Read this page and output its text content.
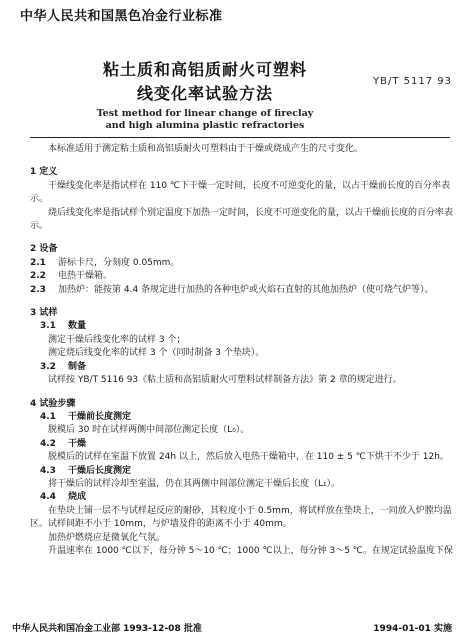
中华人民共和国黑色冶金行业标准
粘土质和高铝质耐火可塑料
线变化率试验方法
YB/T 5117 93
Test method for linear change of fireclay
and high alumina plastic refractories

本标准适用于测定粘土质和高铝质耐火可塑料由于干燥或烧成产生的尺寸变化。

1 定义

干燥线变化率是指试样在 110 ℃下干燥一定时间，长度不可逆变化的量，以占干燥前长度的百分率表示。

烧后线变化率是指试样个别定温度下加热一定时间，长度不可逆变化的量，以占干燥前长度的百分率表示。

2 设备
2.1 游标卡尺，分刻度 0.05mm。
2.2 电热干燥箱。
2.3 加热炉：能按第 4.4 条规定进行加热的各种电炉或火焰石直射的其他加热炉（使可烧气炉等）。
3 试样
3.1 数量

测定干燥后线变化率的试样 3 个；

测定烧后线变化率的试样 3 个（同时制备 3 个垫块）。

3.2 制备

试样按 YB/T 5116 93《粘土质和高铝质耐火可塑料试样制备方法》第 2 章的规定进行。

4 试验步骤
4.1 干燥前长度测定

脱模后 30 时在试样两侧中间部位测定长度（L₀）。

4.2 干燥

脱模后的试样在室温下放置 24h 以上，然后放入电热干燥箱中，在 110 ± 5 ℃下烘干不少于 12h。

4.3 干燥后长度测定

将干燥后的试样冷却至室温，仍在其两侧中间部位测定干燥后长度（L₁）。

4.4 烧成

在垫块上铺一层不与试样起反应的耐砂，其粒度小于 0.5mm，将试样放在垫块上，一同放入炉膛均温区。试样间距不小于 10mm，与炉墙及件的距离不小于 40mm。

加热炉燃烧应是微氧化气氛。

升温速率在 1000 ℃以下，每分钟 5～10 ℃；1000 ℃以上，每分钟 3～5 ℃。在规定试验温度下保

中华人民共和国冶金工业部 1993-12-08 批准	1994-01-01 实施
